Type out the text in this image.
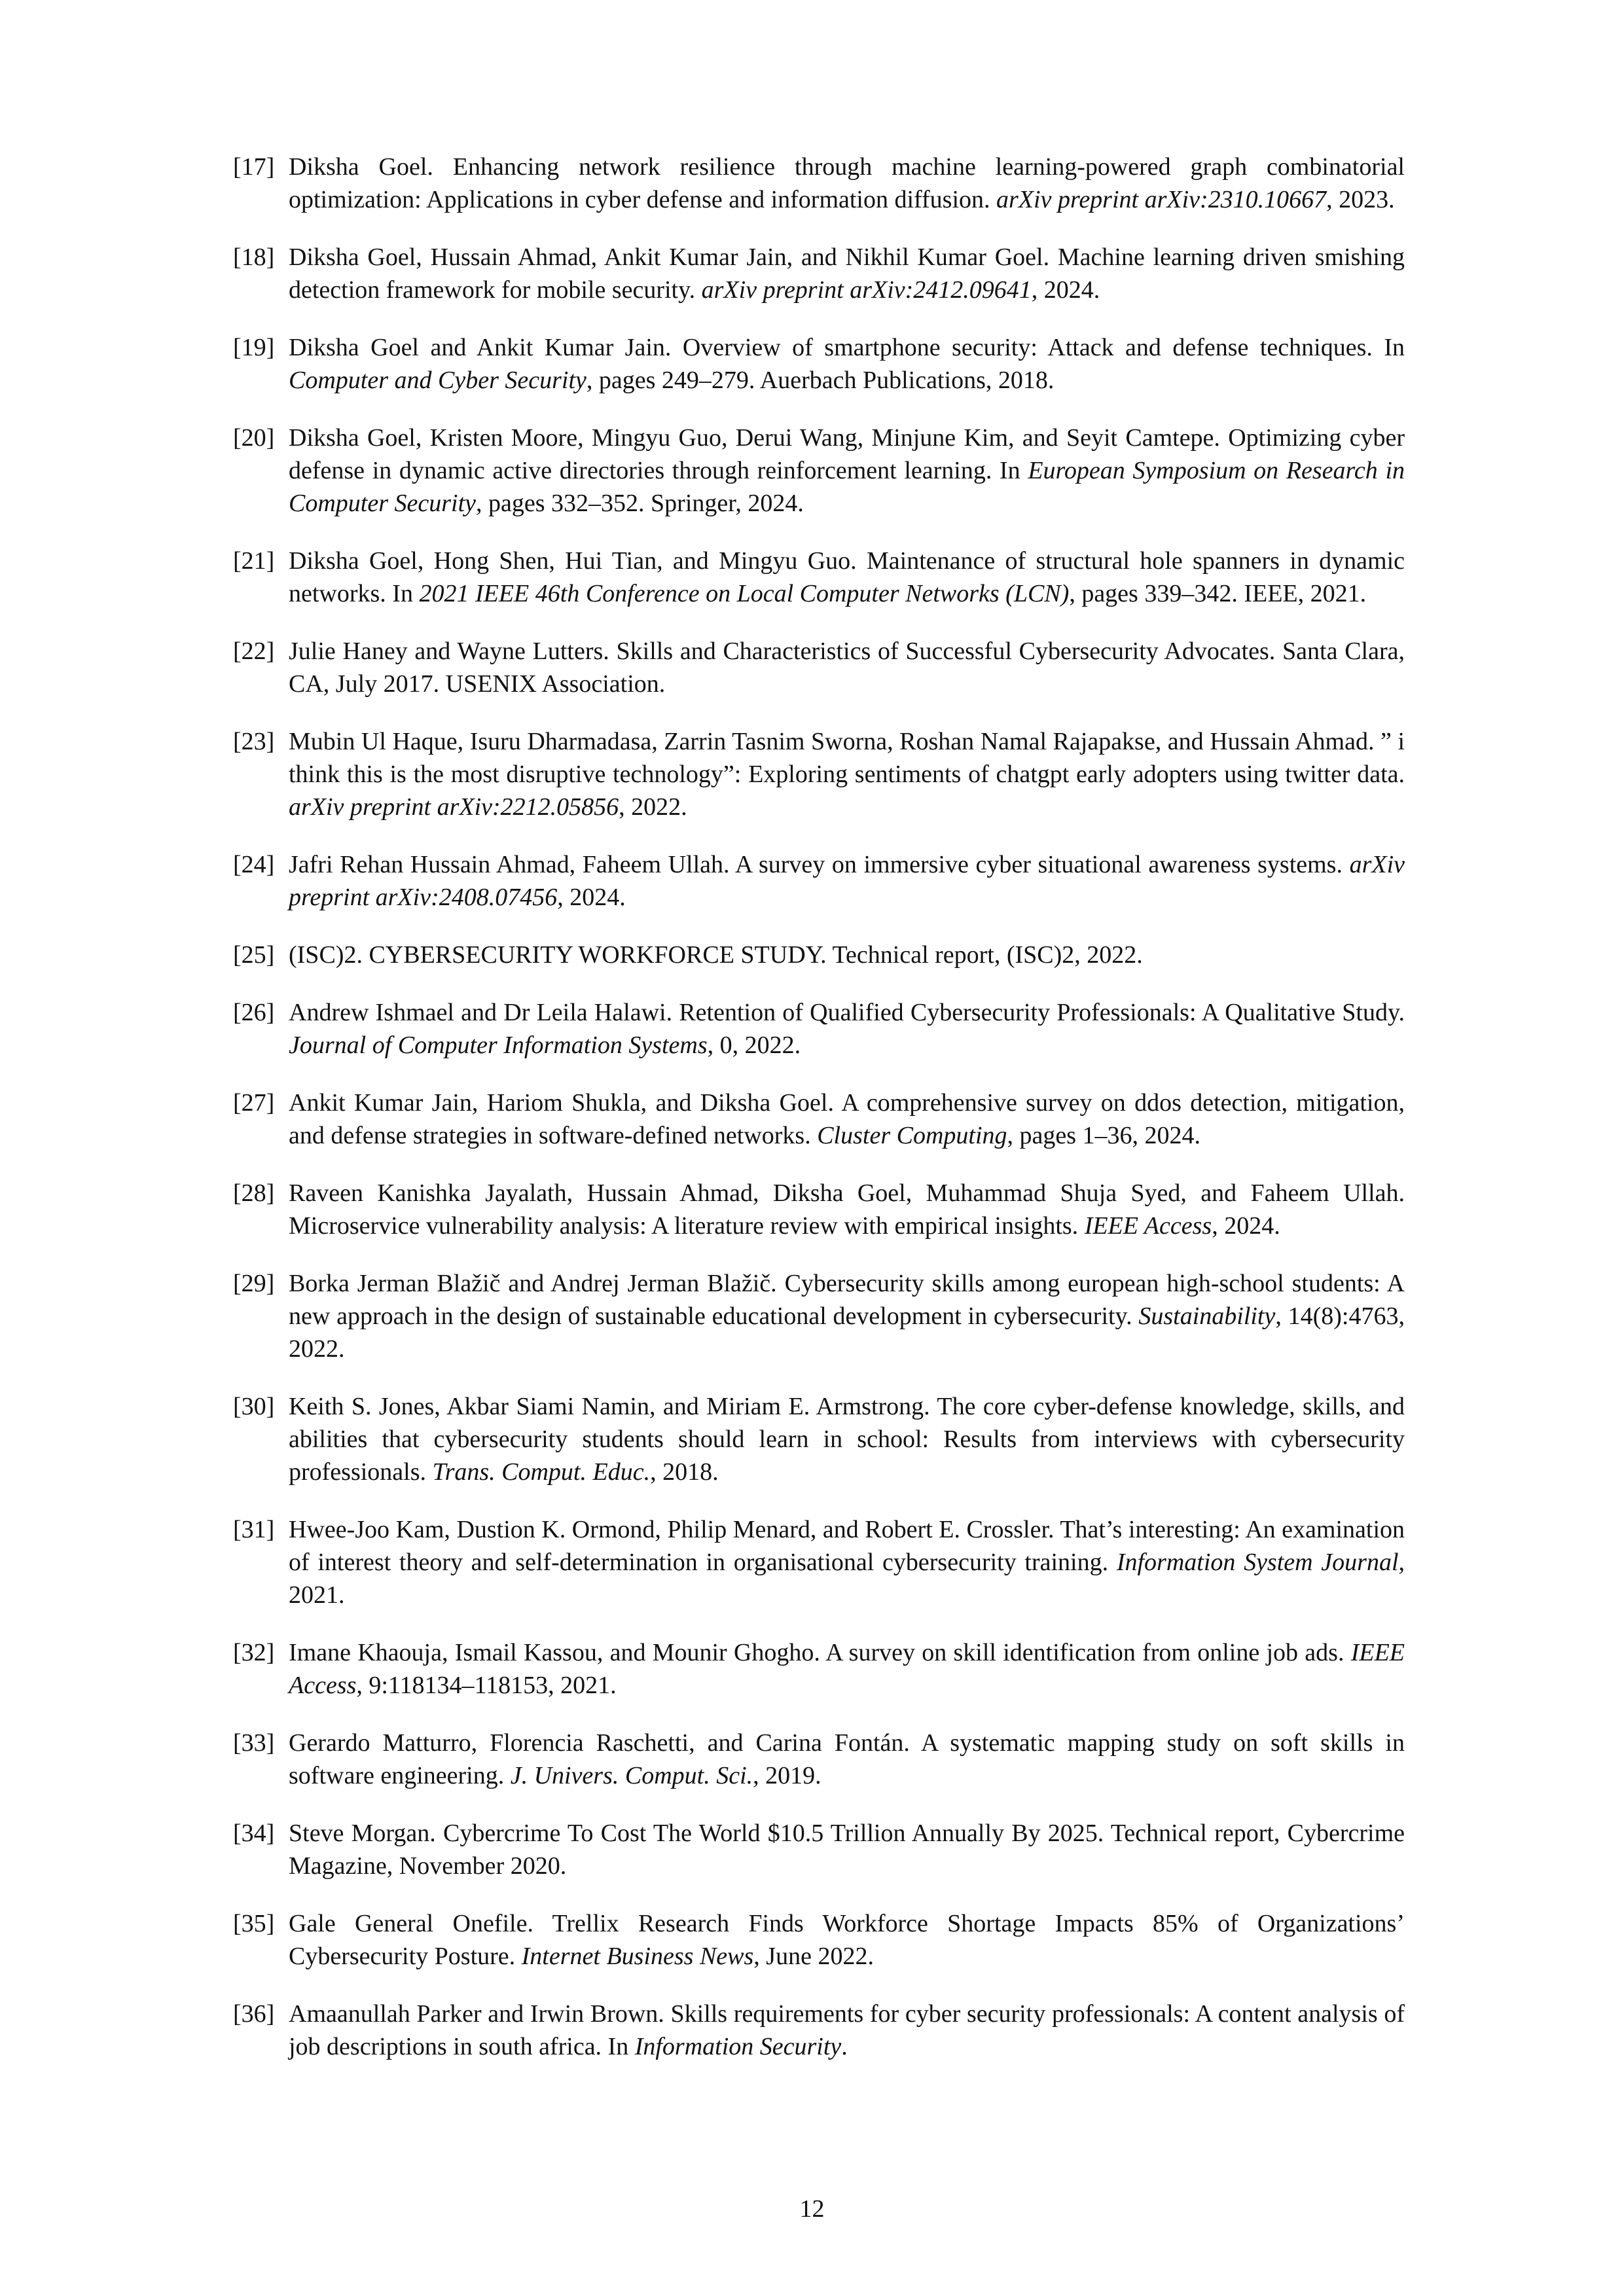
[17] Diksha Goel. Enhancing network resilience through machine learning-powered graph combinatorial optimization: Applications in cyber defense and information diffusion. arXiv preprint arXiv:2310.10667, 2023.
[18] Diksha Goel, Hussain Ahmad, Ankit Kumar Jain, and Nikhil Kumar Goel. Machine learning driven smishing detection framework for mobile security. arXiv preprint arXiv:2412.09641, 2024.
[19] Diksha Goel and Ankit Kumar Jain. Overview of smartphone security: Attack and defense techniques. In Computer and Cyber Security, pages 249–279. Auerbach Publications, 2018.
[20] Diksha Goel, Kristen Moore, Mingyu Guo, Derui Wang, Minjune Kim, and Seyit Camtepe. Optimizing cyber defense in dynamic active directories through reinforcement learning. In European Symposium on Research in Computer Security, pages 332–352. Springer, 2024.
[21] Diksha Goel, Hong Shen, Hui Tian, and Mingyu Guo. Maintenance of structural hole spanners in dynamic networks. In 2021 IEEE 46th Conference on Local Computer Networks (LCN), pages 339–342. IEEE, 2021.
[22] Julie Haney and Wayne Lutters. Skills and Characteristics of Successful Cybersecurity Advocates. Santa Clara, CA, July 2017. USENIX Association.
[23] Mubin Ul Haque, Isuru Dharmadasa, Zarrin Tasnim Sworna, Roshan Namal Rajapakse, and Hussain Ahmad. ” i think this is the most disruptive technology”: Exploring sentiments of chatgpt early adopters using twitter data. arXiv preprint arXiv:2212.05856, 2022.
[24] Jafri Rehan Hussain Ahmad, Faheem Ullah. A survey on immersive cyber situational awareness systems. arXiv preprint arXiv:2408.07456, 2024.
[25] (ISC)2. CYBERSECURITY WORKFORCE STUDY. Technical report, (ISC)2, 2022.
[26] Andrew Ishmael and Dr Leila Halawi. Retention of Qualified Cybersecurity Professionals: A Qualitative Study. Journal of Computer Information Systems, 0, 2022.
[27] Ankit Kumar Jain, Hariom Shukla, and Diksha Goel. A comprehensive survey on ddos detection, mitigation, and defense strategies in software-defined networks. Cluster Computing, pages 1–36, 2024.
[28] Raveen Kanishka Jayalath, Hussain Ahmad, Diksha Goel, Muhammad Shuja Syed, and Faheem Ullah. Microservice vulnerability analysis: A literature review with empirical insights. IEEE Access, 2024.
[29] Borka Jerman Blažič and Andrej Jerman Blažič. Cybersecurity skills among european high-school students: A new approach in the design of sustainable educational development in cybersecurity. Sustainability, 14(8):4763, 2022.
[30] Keith S. Jones, Akbar Siami Namin, and Miriam E. Armstrong. The core cyber-defense knowledge, skills, and abilities that cybersecurity students should learn in school: Results from interviews with cybersecurity professionals. Trans. Comput. Educ., 2018.
[31] Hwee-Joo Kam, Dustion K. Ormond, Philip Menard, and Robert E. Crossler. That’s interesting: An examination of interest theory and self-determination in organisational cybersecurity training. Information System Journal, 2021.
[32] Imane Khaouja, Ismail Kassou, and Mounir Ghogho. A survey on skill identification from online job ads. IEEE Access, 9:118134–118153, 2021.
[33] Gerardo Matturro, Florencia Raschetti, and Carina Fontán. A systematic mapping study on soft skills in software engineering. J. Univers. Comput. Sci., 2019.
[34] Steve Morgan. Cybercrime To Cost The World $10.5 Trillion Annually By 2025. Technical report, Cybercrime Magazine, November 2020.
[35] Gale General Onefile. Trellix Research Finds Workforce Shortage Impacts 85% of Organizations’ Cybersecurity Posture. Internet Business News, June 2022.
[36] Amaanullah Parker and Irwin Brown. Skills requirements for cyber security professionals: A content analysis of job descriptions in south africa. In Information Security.
12
